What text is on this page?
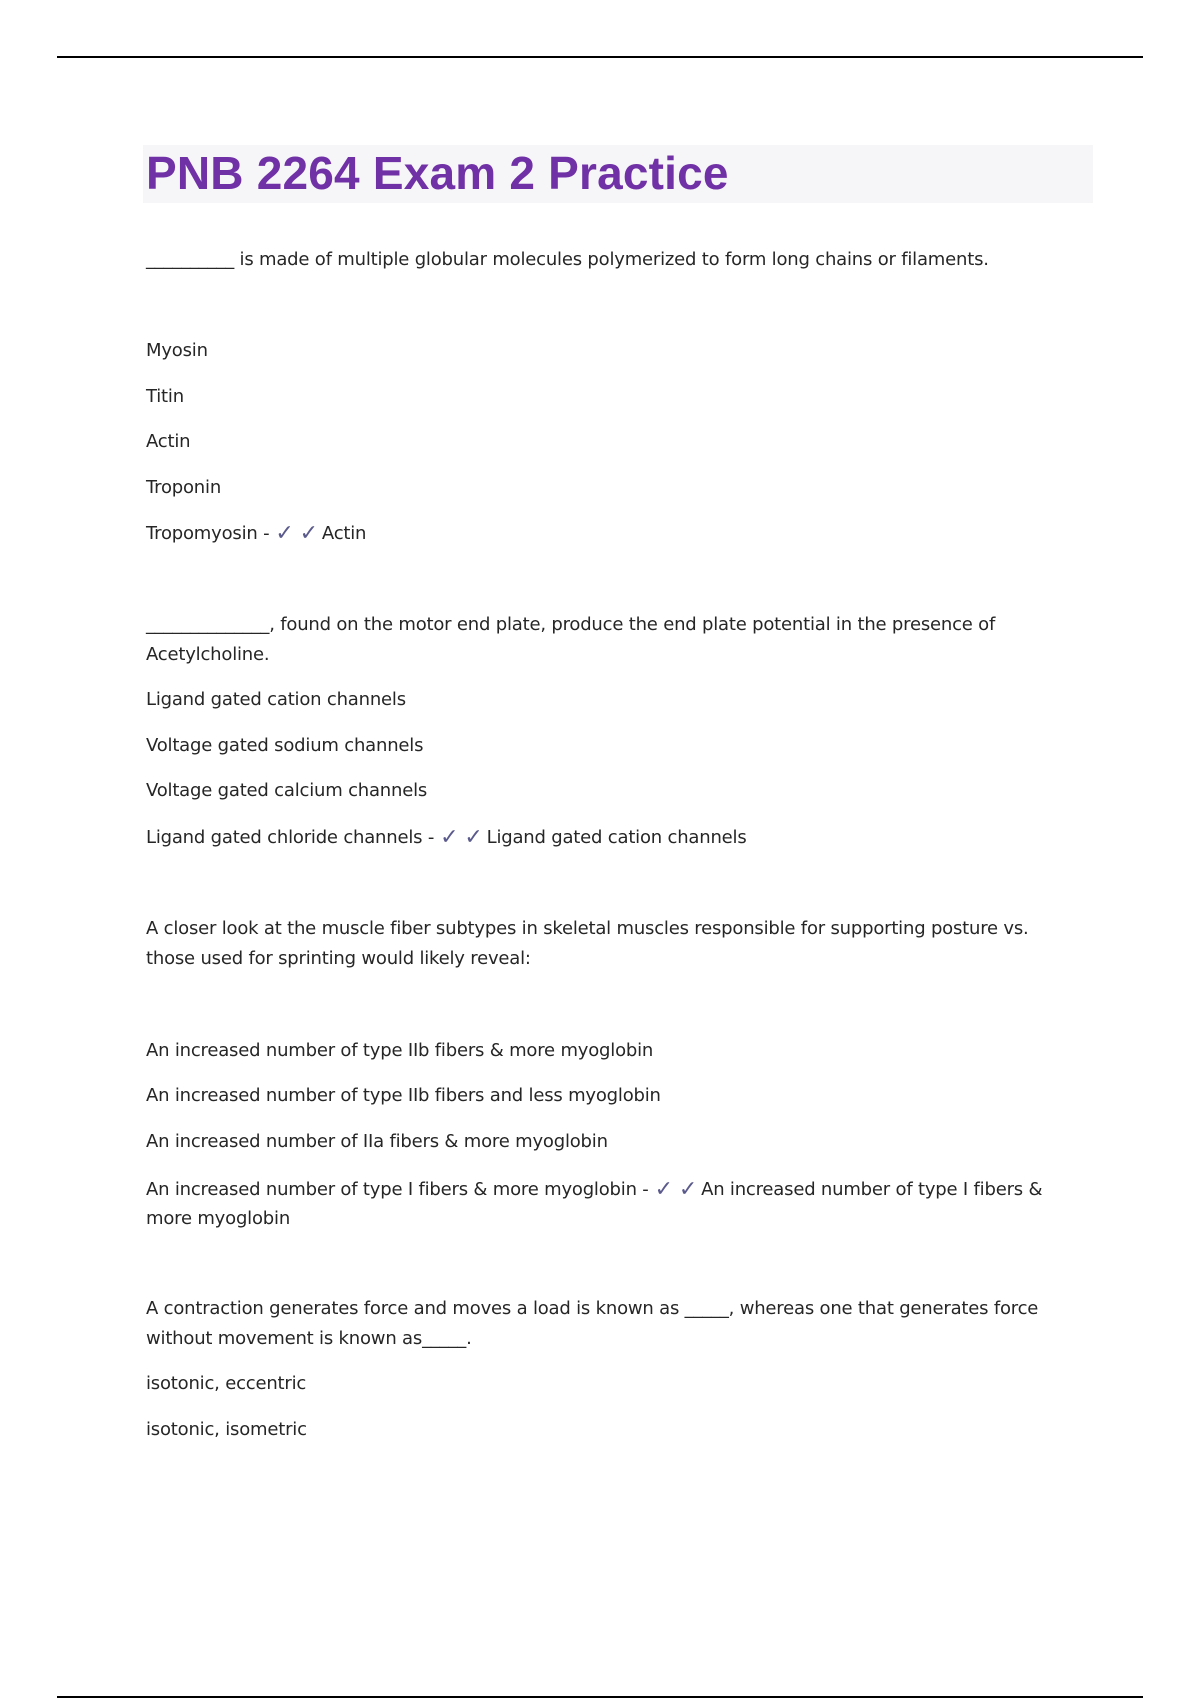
PNB 2264 Exam 2 Practice
__________ is made of multiple globular molecules polymerized to form long chains or filaments.
Myosin
Titin
Actin
Troponin
Tropomyosin - ✓ ✓ Actin
______________, found on the motor end plate, produce the end plate potential in the presence of
Acetylcholine.
Ligand gated cation channels
Voltage gated sodium channels
Voltage gated calcium channels
Ligand gated chloride channels - ✓ ✓ Ligand gated cation channels
A closer look at the muscle fiber subtypes in skeletal muscles responsible for supporting posture vs.
those used for sprinting would likely reveal:
An increased number of type IIb fibers & more myoglobin
An increased number of type IIb fibers and less myoglobin
An increased number of IIa fibers & more myoglobin
An increased number of type I fibers & more myoglobin - ✓ ✓ An increased number of type I fibers &
more myoglobin
A contraction generates force and moves a load is known as _____, whereas one that generates force
without movement is known as_____.
isotonic, eccentric
isotonic, isometric
